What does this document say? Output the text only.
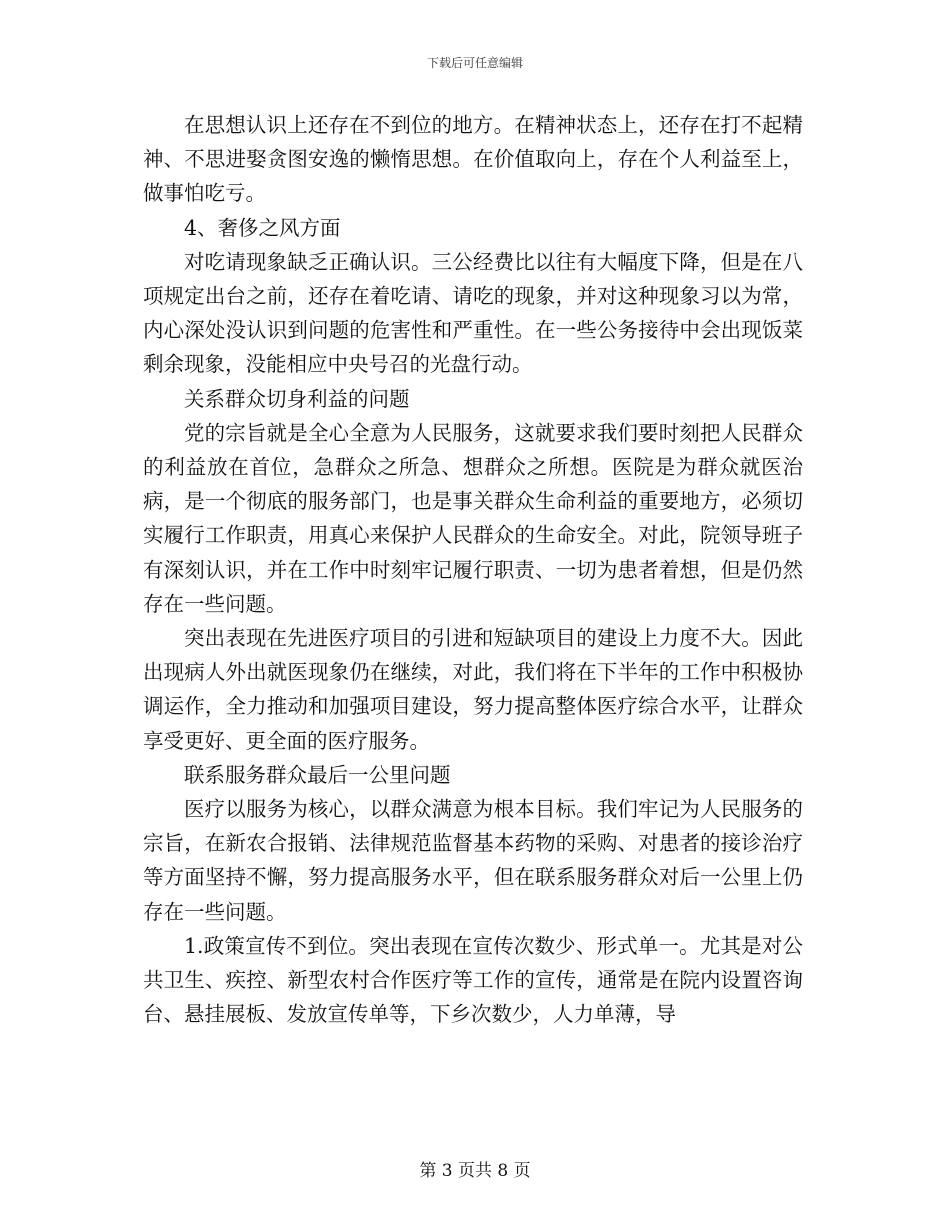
下载后可任意编辑

在思想认识上还存在不到位的地方。在精神状态上，还存在打不起精神、不思进娶贪图安逸的懒惰思想。在价值取向上，存在个人利益至上，做事怕吃亏。

4、奢侈之风方面

对吃请现象缺乏正确认识。三公经费比以往有大幅度下降，但是在八项规定出台之前，还存在着吃请、请吃的现象，并对这种现象习以为常，内心深处没认识到问题的危害性和严重性。在一些公务接待中会出现饭菜剩余现象，没能相应中央号召的光盘行动。

关系群众切身利益的问题

党的宗旨就是全心全意为人民服务，这就要求我们要时刻把人民群众的利益放在首位，急群众之所急、想群众之所想。医院是为群众就医治病，是一个彻底的服务部门，也是事关群众生命利益的重要地方，必须切实履行工作职责，用真心来保护人民群众的生命安全。对此，院领导班子有深刻认识，并在工作中时刻牢记履行职责、一切为患者着想，但是仍然存在一些问题。

突出表现在先进医疗项目的引进和短缺项目的建设上力度不大。因此出现病人外出就医现象仍在继续，对此，我们将在下半年的工作中积极协调运作，全力推动和加强项目建设，努力提高整体医疗综合水平，让群众享受更好、更全面的医疗服务。

联系服务群众最后一公里问题

医疗以服务为核心，以群众满意为根本目标。我们牢记为人民服务的宗旨，在新农合报销、法律规范监督基本药物的采购、对患者的接诊治疗等方面坚持不懈，努力提高服务水平，但在联系服务群众对后一公里上仍存在一些问题。

1.政策宣传不到位。突出表现在宣传次数少、形式单一。尤其是对公共卫生、疾控、新型农村合作医疗等工作的宣传，通常是在院内设置咨询台、悬挂展板、发放宣传单等，下乡次数少，人力单薄，导

第 3 页共 8 页
